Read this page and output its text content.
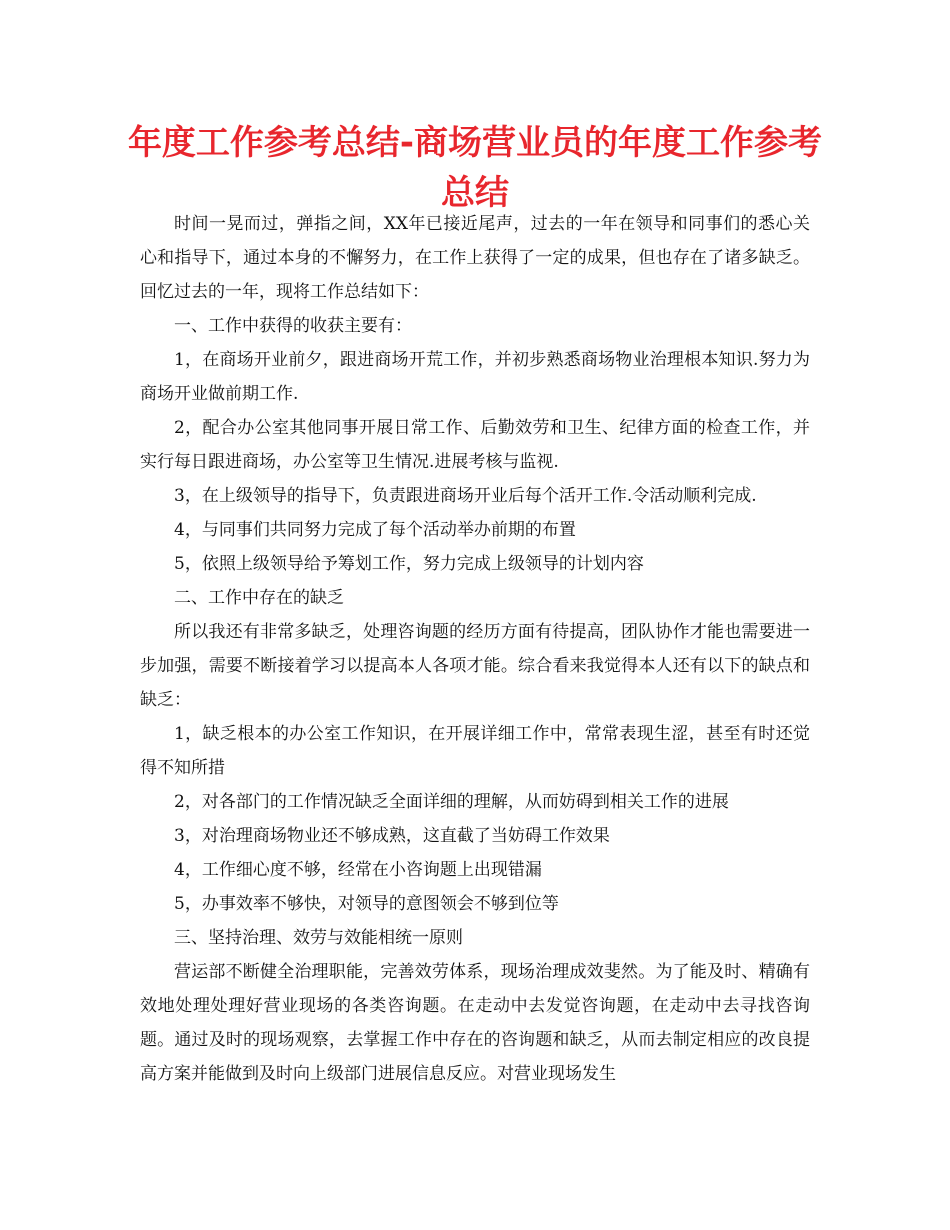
年度工作参考总结-商场营业员的年度工作参考总结

时间一晃而过，弹指之间，XX年已接近尾声，过去的一年在领导和同事们的悉心关心和指导下，通过本身的不懈努力，在工作上获得了一定的成果，但也存在了诸多缺乏。回忆过去的一年，现将工作总结如下：

一、工作中获得的收获主要有：

1，在商场开业前夕，跟进商场开荒工作，并初步熟悉商场物业治理根本知识.努力为商场开业做前期工作.

2，配合办公室其他同事开展日常工作、后勤效劳和卫生、纪律方面的检查工作，并实行每日跟进商场，办公室等卫生情况.进展考核与监视.

3，在上级领导的指导下，负责跟进商场开业后每个活开工作.令活动顺利完成.

4，与同事们共同努力完成了每个活动举办前期的布置

5，依照上级领导给予筹划工作，努力完成上级领导的计划内容

二、工作中存在的缺乏

所以我还有非常多缺乏，处理咨询题的经历方面有待提高，团队协作才能也需要进一步加强，需要不断接着学习以提高本人各项才能。综合看来我觉得本人还有以下的缺点和缺乏：

1，缺乏根本的办公室工作知识，在开展详细工作中，常常表现生涩，甚至有时还觉得不知所措

2，对各部门的工作情况缺乏全面详细的理解，从而妨碍到相关工作的进展

3，对治理商场物业还不够成熟，这直截了当妨碍工作效果

4，工作细心度不够，经常在小咨询题上出现错漏

5，办事效率不够快，对领导的意图领会不够到位等

三、坚持治理、效劳与效能相统一原则

营运部不断健全治理职能，完善效劳体系，现场治理成效斐然。为了能及时、精确有效地处理处理好营业现场的各类咨询题。在走动中去发觉咨询题，在走动中去寻找咨询题。通过及时的现场观察，去掌握工作中存在的咨询题和缺乏，从而去制定相应的改良提高方案并能做到及时向上级部门进展信息反应。对营业现场发生
